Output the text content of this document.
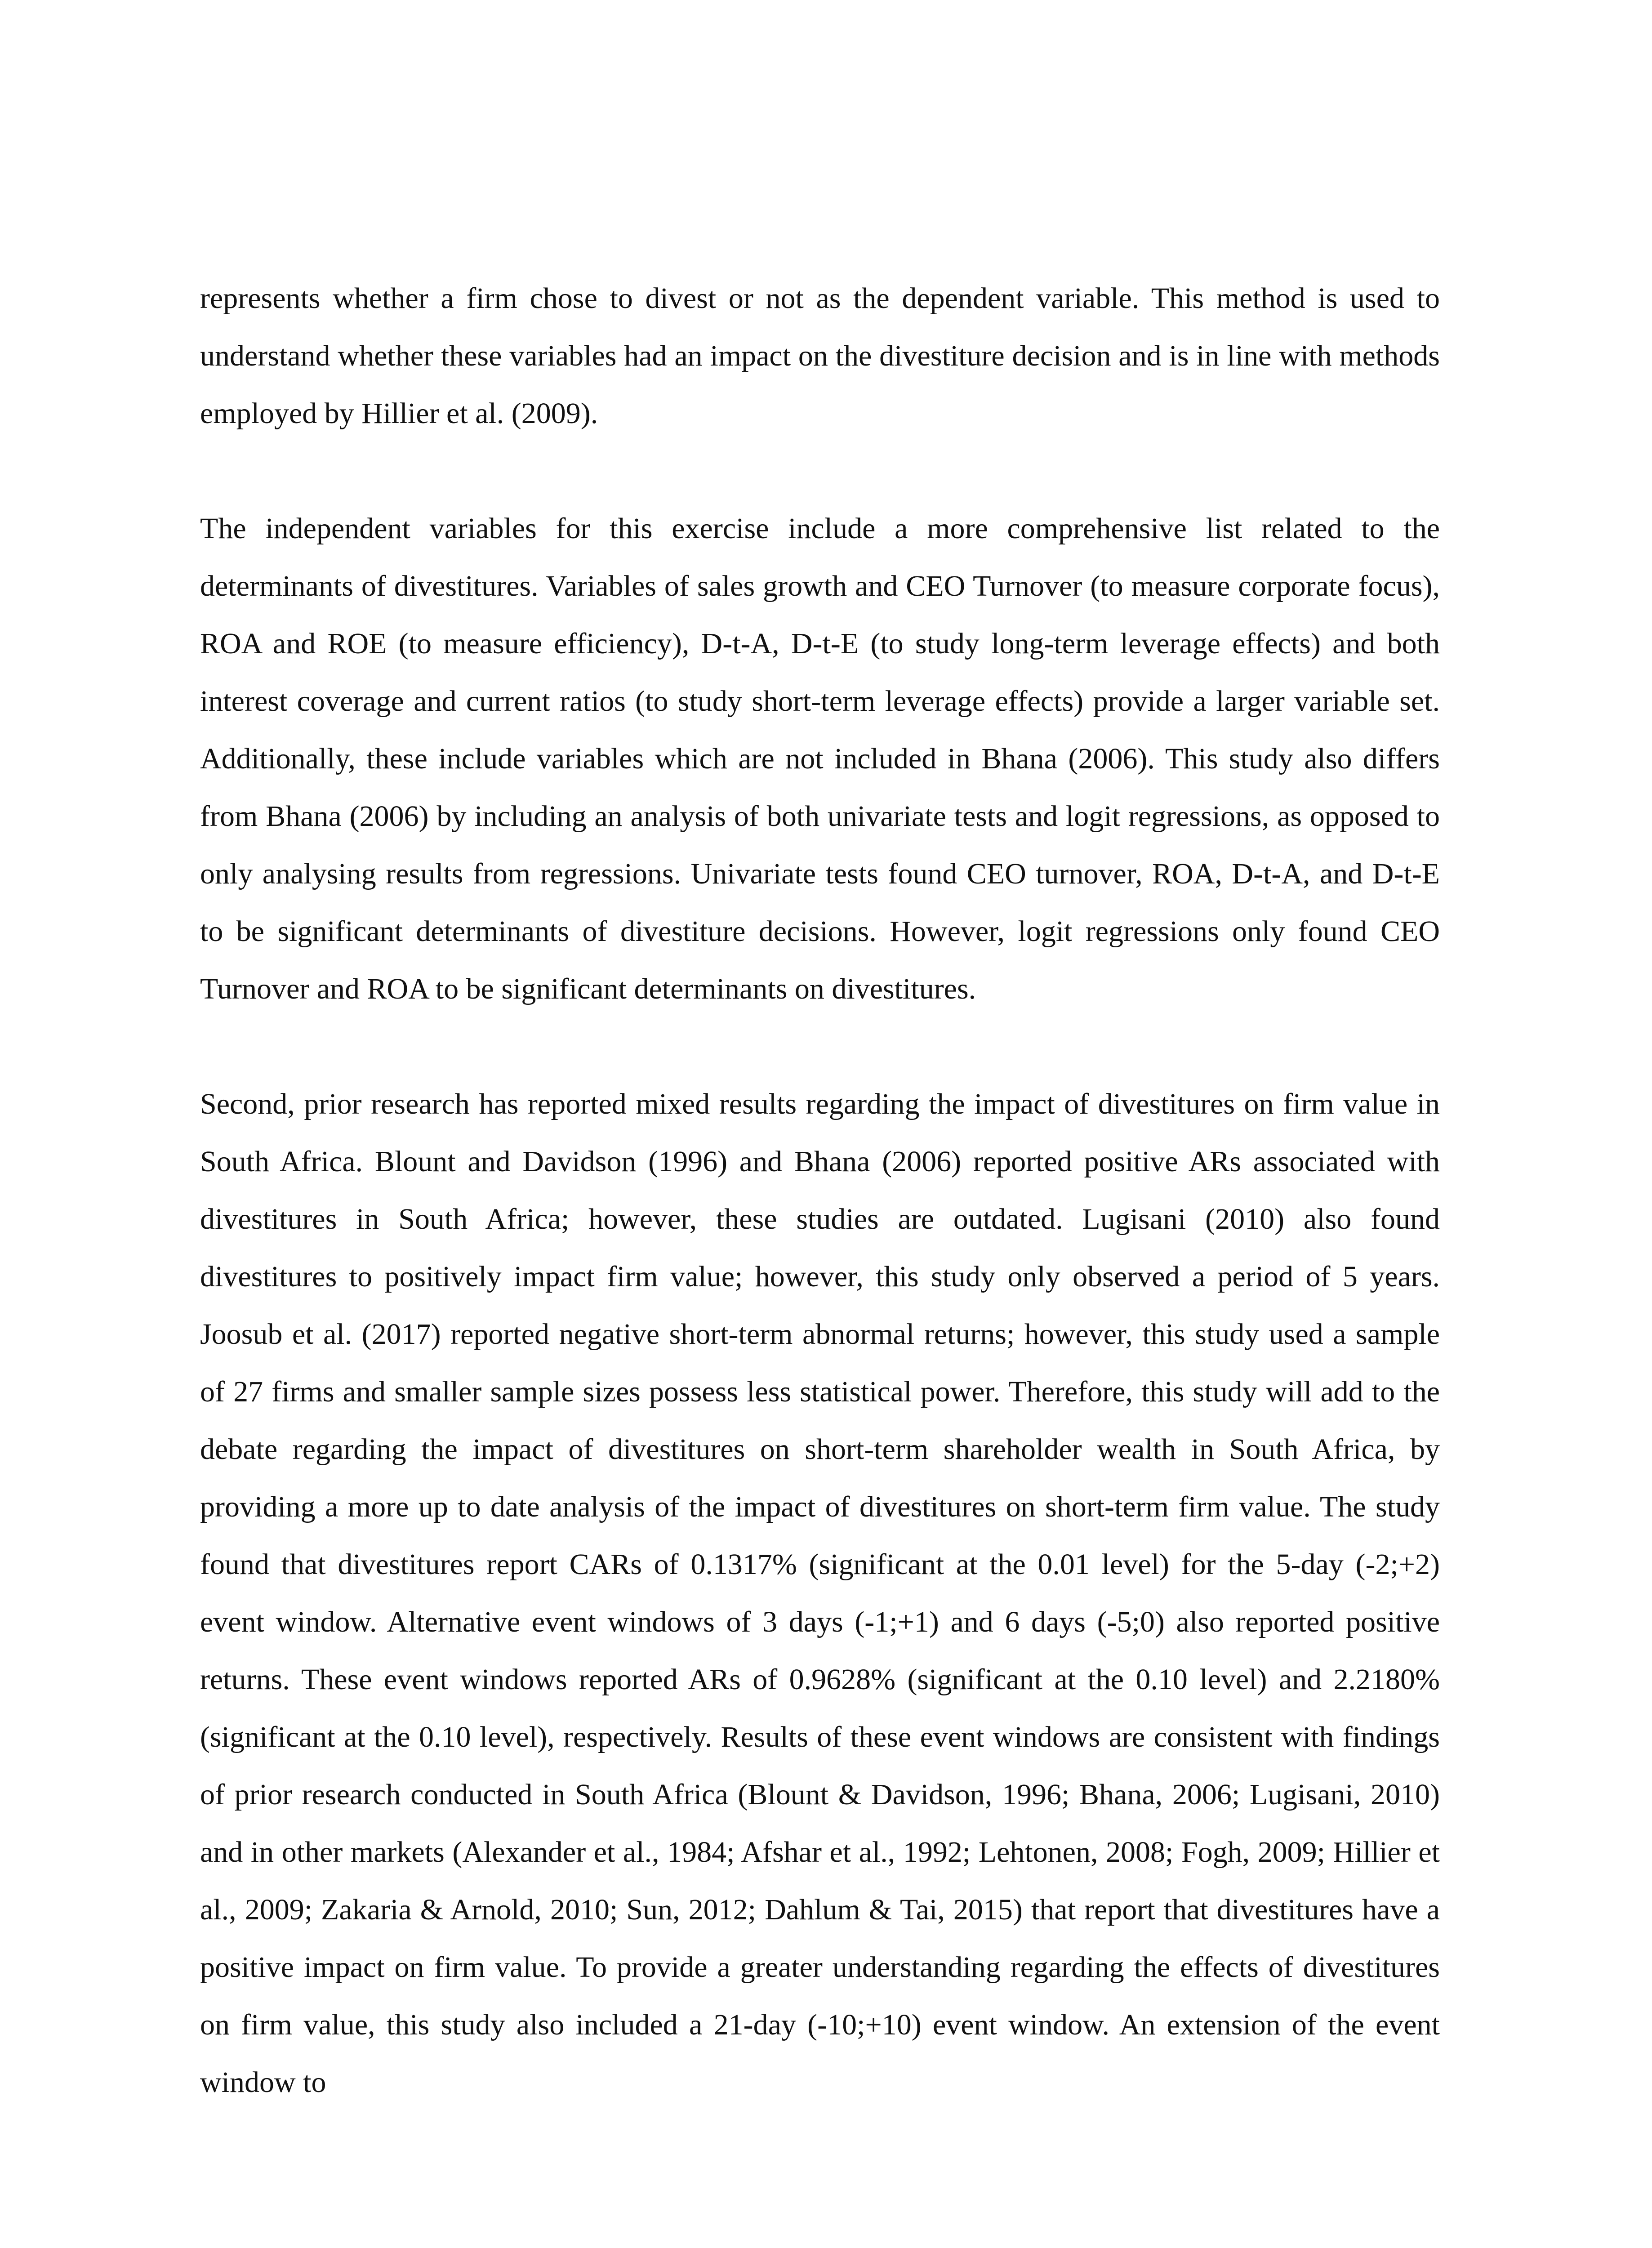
represents whether a firm chose to divest or not as the dependent variable. This method is used to understand whether these variables had an impact on the divestiture decision and is in line with methods employed by Hillier et al. (2009).

The independent variables for this exercise include a more comprehensive list related to the determinants of divestitures. Variables of sales growth and CEO Turnover (to measure corporate focus), ROA and ROE (to measure efficiency), D-t-A, D-t-E (to study long-term leverage effects) and both interest coverage and current ratios (to study short-term leverage effects) provide a larger variable set. Additionally, these include variables which are not included in Bhana (2006). This study also differs from Bhana (2006) by including an analysis of both univariate tests and logit regressions, as opposed to only analysing results from regressions. Univariate tests found CEO turnover, ROA, D-t-A, and D-t-E to be significant determinants of divestiture decisions. However, logit regressions only found CEO Turnover and ROA to be significant determinants on divestitures.

Second, prior research has reported mixed results regarding the impact of divestitures on firm value in South Africa. Blount and Davidson (1996) and Bhana (2006) reported positive ARs associated with divestitures in South Africa; however, these studies are outdated. Lugisani (2010) also found divestitures to positively impact firm value; however, this study only observed a period of 5 years. Joosub et al. (2017) reported negative short-term abnormal returns; however, this study used a sample of 27 firms and smaller sample sizes possess less statistical power. Therefore, this study will add to the debate regarding the impact of divestitures on short-term shareholder wealth in South Africa, by providing a more up to date analysis of the impact of divestitures on short-term firm value. The study found that divestitures report CARs of 0.1317% (significant at the 0.01 level) for the 5-day (-2;+2) event window. Alternative event windows of 3 days (-1;+1) and 6 days (-5;0) also reported positive returns. These event windows reported ARs of 0.9628% (significant at the 0.10 level) and 2.2180% (significant at the 0.10 level), respectively. Results of these event windows are consistent with findings of prior research conducted in South Africa (Blount & Davidson, 1996; Bhana, 2006; Lugisani, 2010) and in other markets (Alexander et al., 1984; Afshar et al., 1992; Lehtonen, 2008; Fogh, 2009; Hillier et al., 2009; Zakaria & Arnold, 2010; Sun, 2012; Dahlum & Tai, 2015) that report that divestitures have a positive impact on firm value. To provide a greater understanding regarding the effects of divestitures on firm value, this study also included a 21-day (-10;+10) event window. An extension of the event window to
